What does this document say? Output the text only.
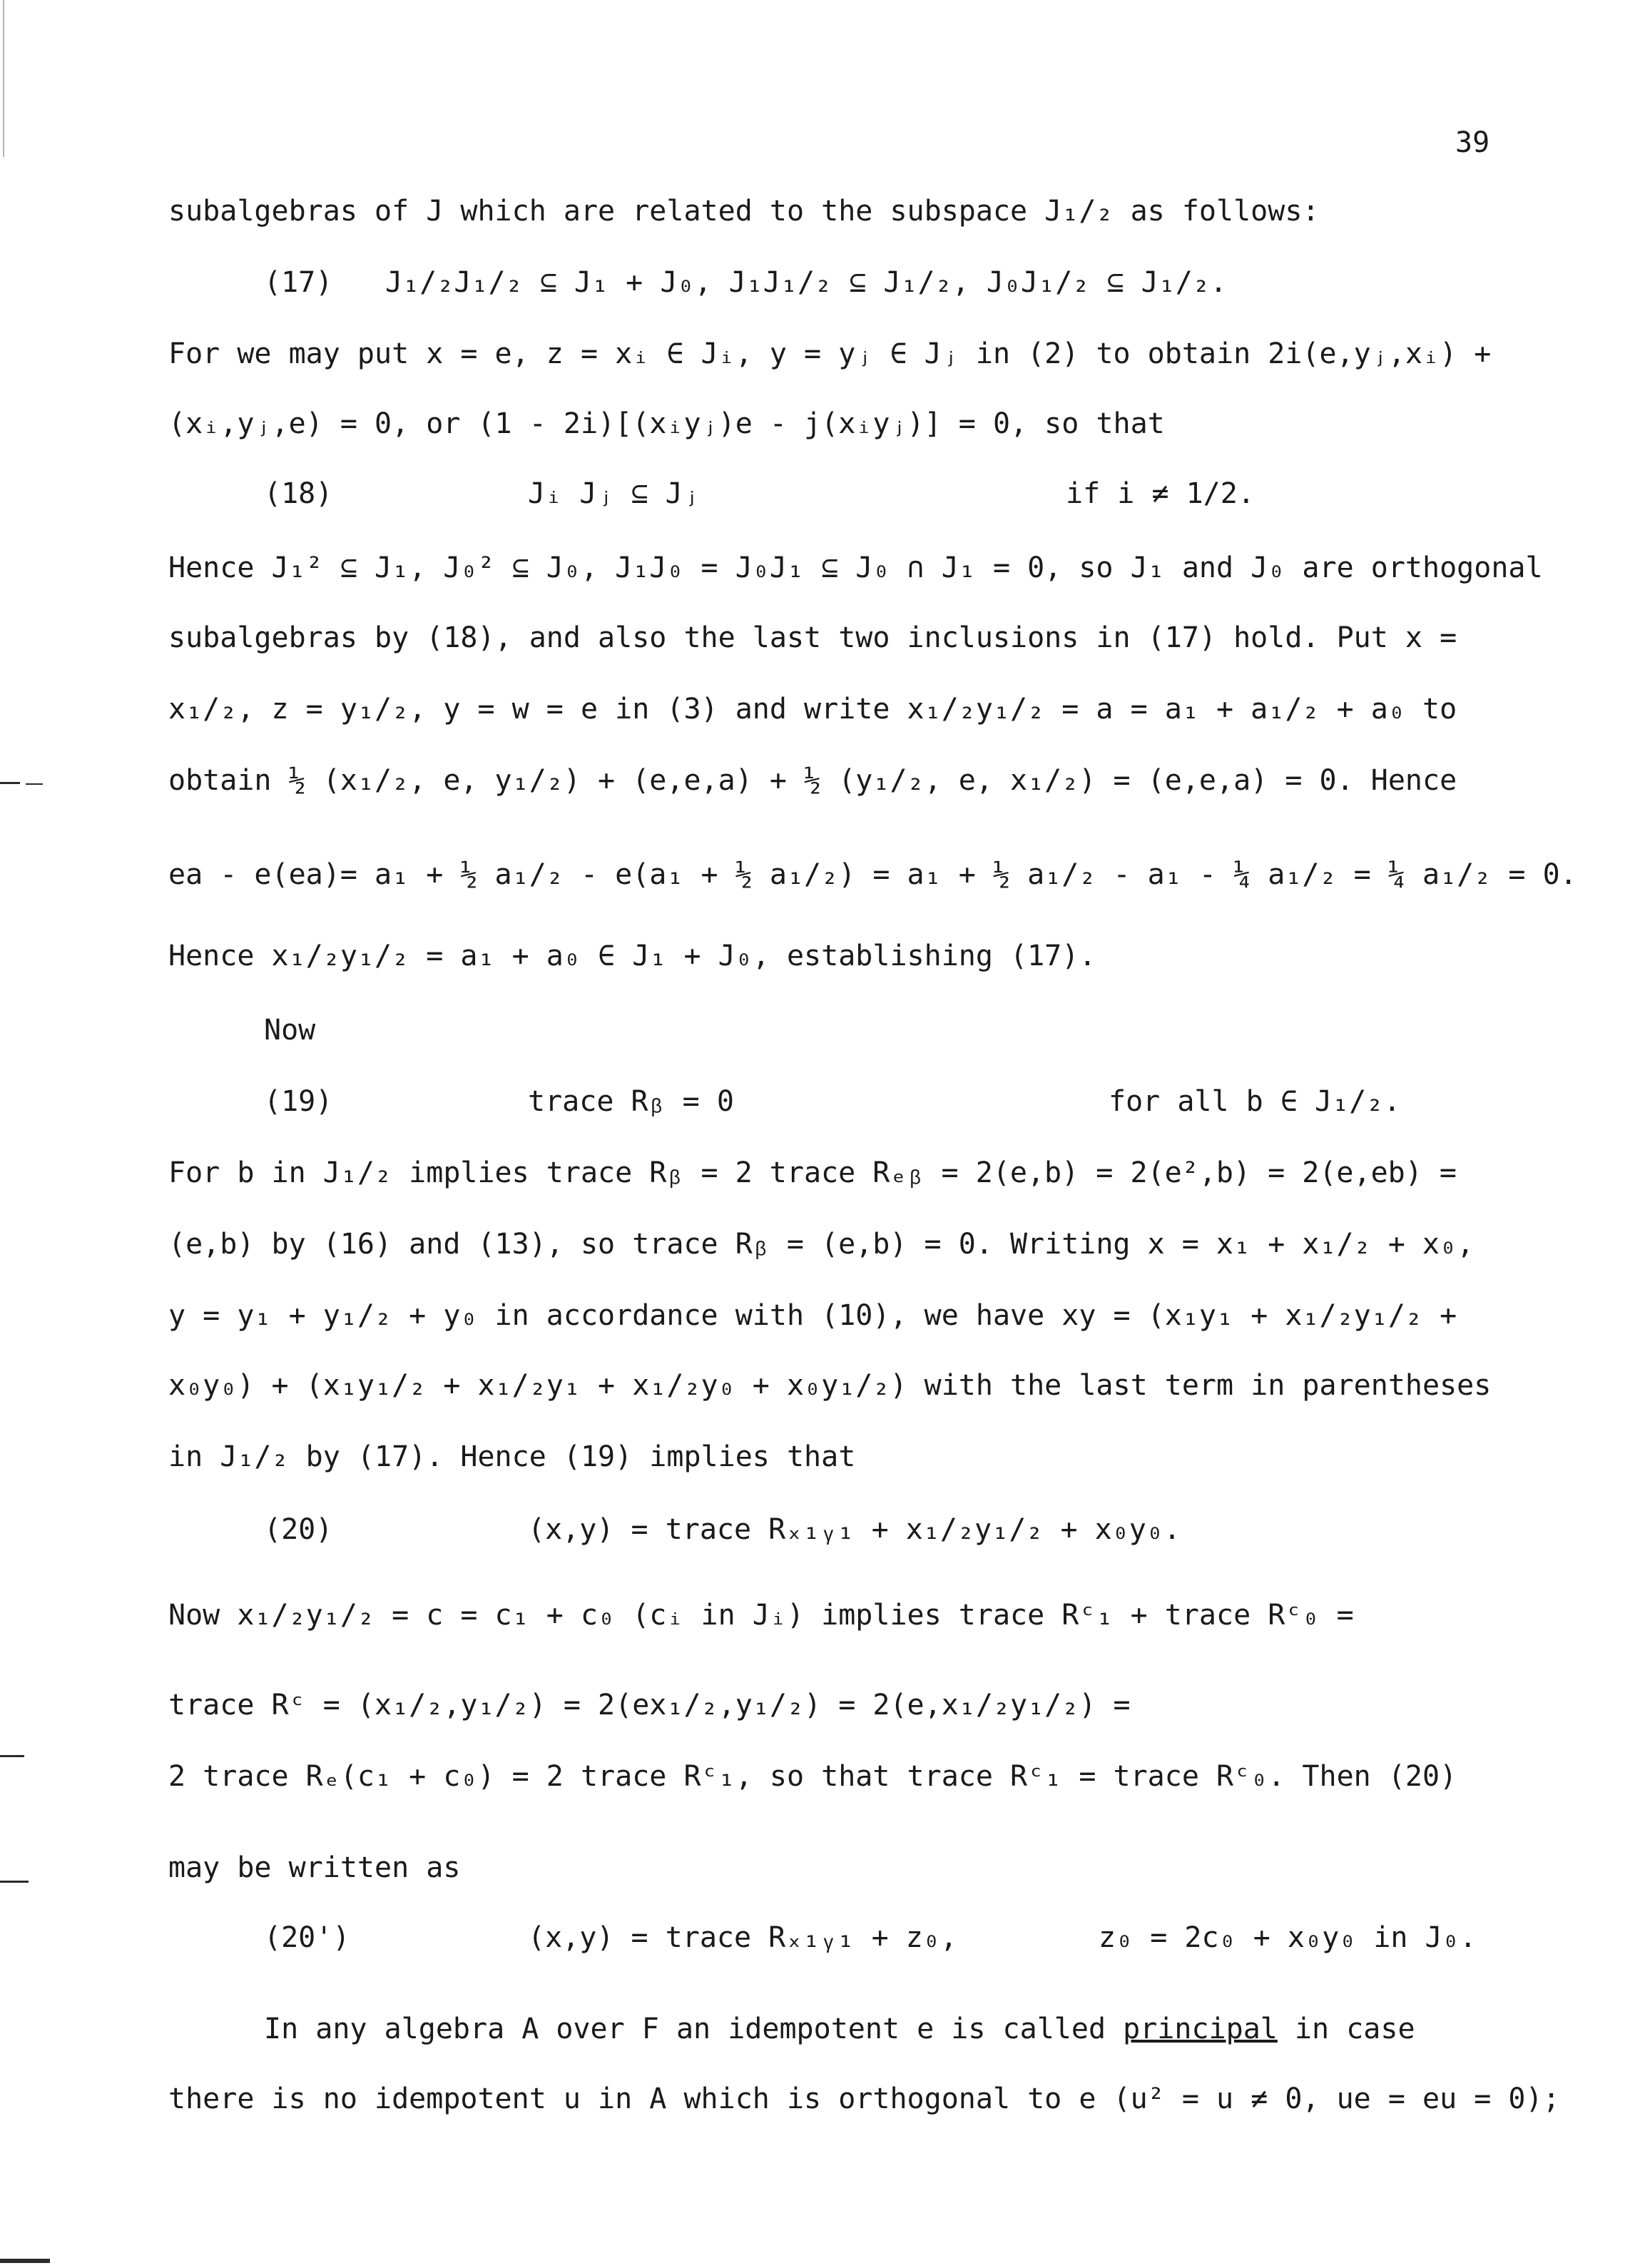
39
subalgebras of J which are related to the subspace J₁/₂ as follows:
(17) J₁/₂J₁/₂ ⊆ J₁ + J₀, J₁J₁/₂ ⊆ J₁/₂, J₀J₁/₂ ⊆ J₁/₂.
For we may put x = e, z = xᵢ ∈ Jᵢ, y = yⱼ ∈ Jⱼ in (2) to obtain 2i(e,yⱼ,xᵢ) +
(xᵢ,yⱼ,e) = 0, or (1 - 2i)[(xᵢyⱼ)e - j(xᵢyⱼ)] = 0, so that
(18)	Jᵢ Jⱼ ⊆ Jⱼ	if i ≠ 1/2.
Hence J₁² ⊆ J₁, J₀² ⊆ J₀, J₁J₀ = J₀J₁ ⊆ J₀ ∩ J₁ = 0, so J₁ and J₀ are orthogonal
subalgebras by (18), and also the last two inclusions in (17) hold. Put x =
x₁/₂, z = y₁/₂, y = w = e in (3) and write x₁/₂y₁/₂ = a = a₁ + a₁/₂ + a₀ to
obtain ½ (x₁/₂, e, y₁/₂) + (e,e,a) + ½ (y₁/₂, e, x₁/₂) = (e,e,a) = 0. Hence
ea - e(ea)= a₁ + ½ a₁/₂ - e(a₁ + ½ a₁/₂) = a₁ + ½ a₁/₂ - a₁ - ¼ a₁/₂ = ¼ a₁/₂ = 0.
Hence x₁/₂y₁/₂ = a₁ + a₀ ∈ J₁ + J₀, establishing (17).
Now
(19)	trace Rᵦ = 0	for all b ∈ J₁/₂.
For b in J₁/₂ implies trace Rᵦ = 2 trace Rₑᵦ = 2(e,b) = 2(e²,b) = 2(e,eb) =
(e,b) by (16) and (13), so trace Rᵦ = (e,b) = 0. Writing x = x₁ + x₁/₂ + x₀,
y = y₁ + y₁/₂ + y₀ in accordance with (10), we have xy = (x₁y₁ + x₁/₂y₁/₂ +
x₀y₀) + (x₁y₁/₂ + x₁/₂y₁ + x₁/₂y₀ + x₀y₁/₂) with the last term in parentheses
in J₁/₂ by (17). Hence (19) implies that
(20)	(x,y) = trace Rₓ₁ᵧ₁ + x₁/₂y₁/₂ + x₀y₀.
Now x₁/₂y₁/₂ = c = c₁ + c₀ (cᵢ in Jᵢ) implies trace Rᶜ₁ + trace Rᶜ₀ =
trace Rᶜ = (x₁/₂,y₁/₂) = 2(ex₁/₂,y₁/₂) = 2(e,x₁/₂y₁/₂) =
2 trace Rₑ(c₁ + c₀) = 2 trace Rᶜ₁, so that trace Rᶜ₁ = trace Rᶜ₀. Then (20)
may be written as
(20')	(x,y) = trace Rₓ₁ᵧ₁ + z₀,	z₀ = 2c₀ + x₀y₀ in J₀.
In any algebra A over F an idempotent e is called principal in case
there is no idempotent u in A which is orthogonal to e (u² = u ≠ 0, ue = eu = 0);
